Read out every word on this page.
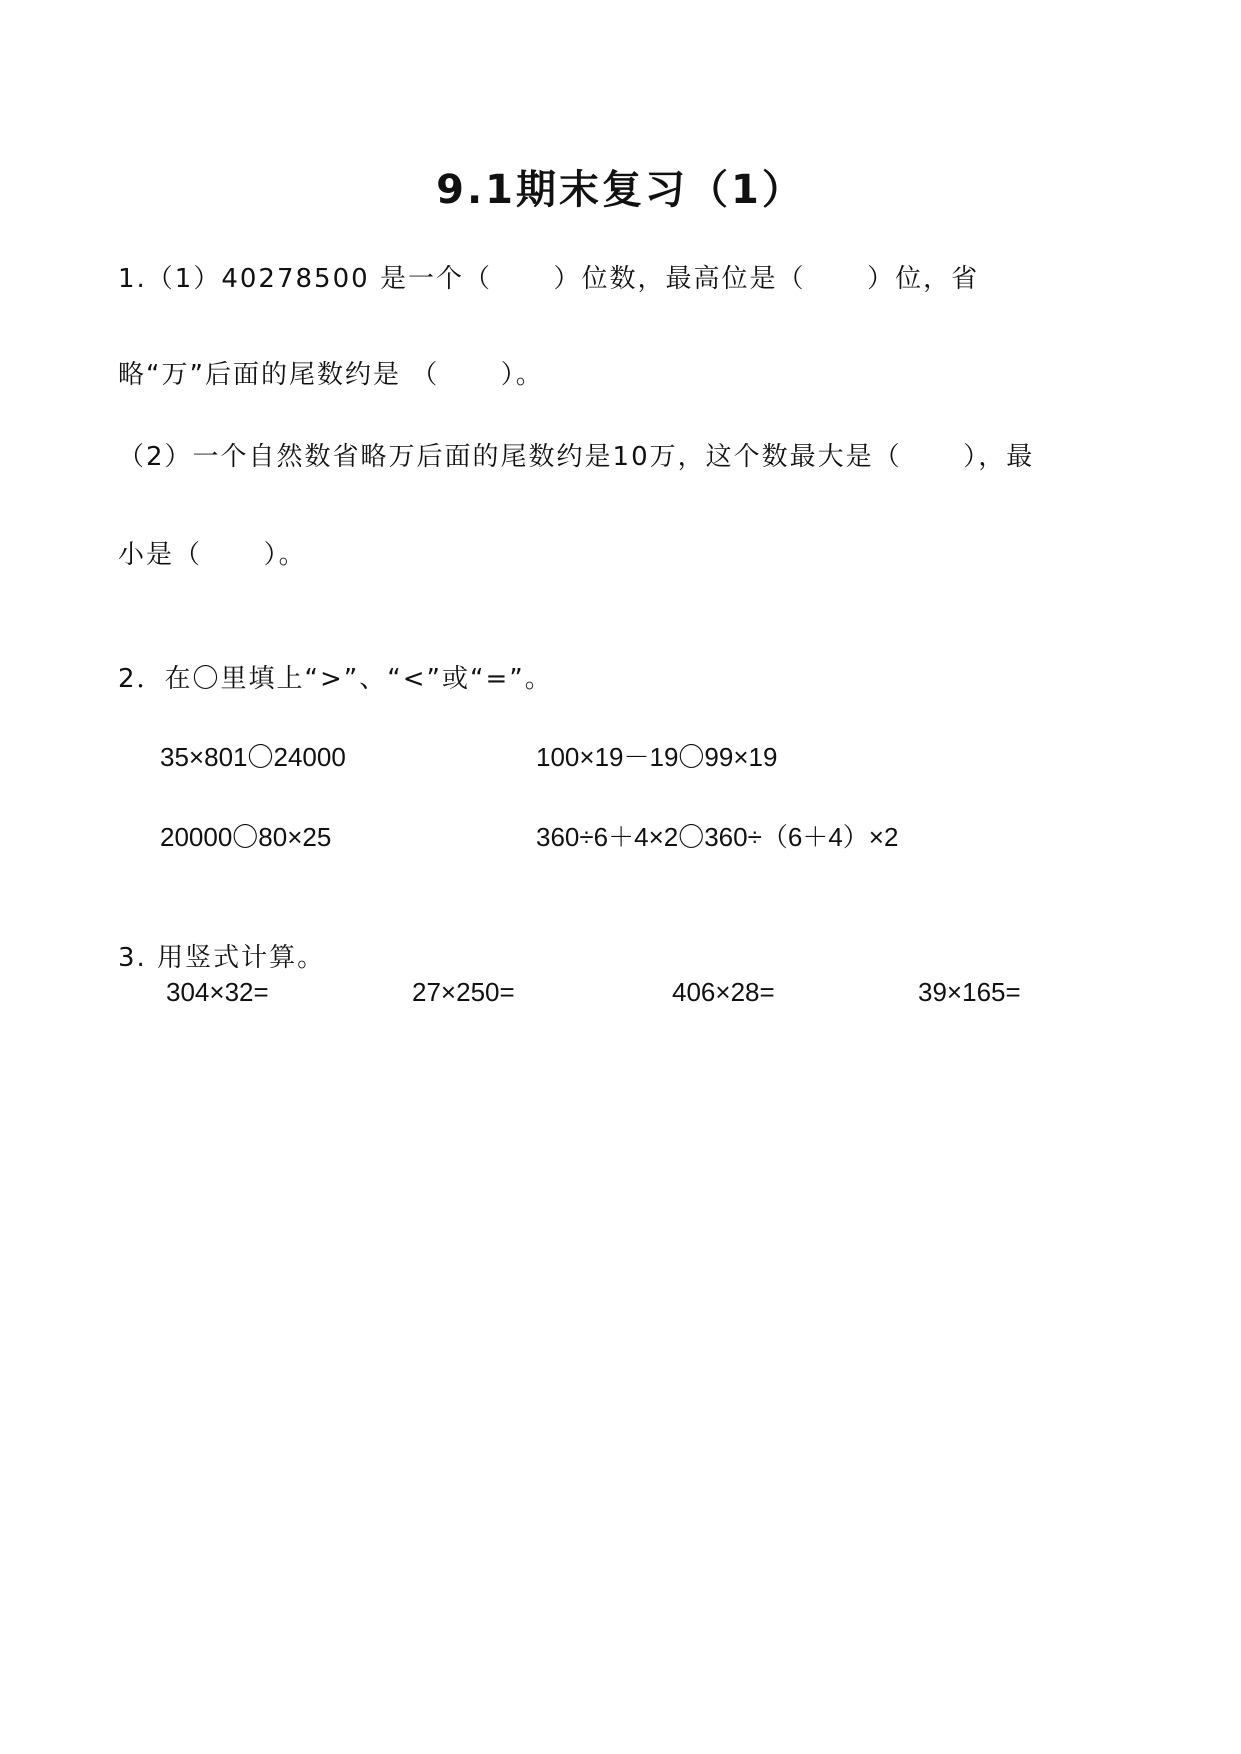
9.1期末复习（1）
1.（1）40278500 是一个（      ）位数，最高位是（      ）位，省
略“万”后面的尾数约是 （      ）。
（2）一个自然数省略万后面的尾数约是10万，这个数最大是（      ），最
小是（      ）。
2．在〇里填上“>”、“<”或“=”。
35×801〇24000	100×19－19〇99×19
20000〇80×25	360÷6＋4×2〇360÷（6＋4）×2
3. 用竖式计算。
304×32=	27×250=	406×28=	39×165=
